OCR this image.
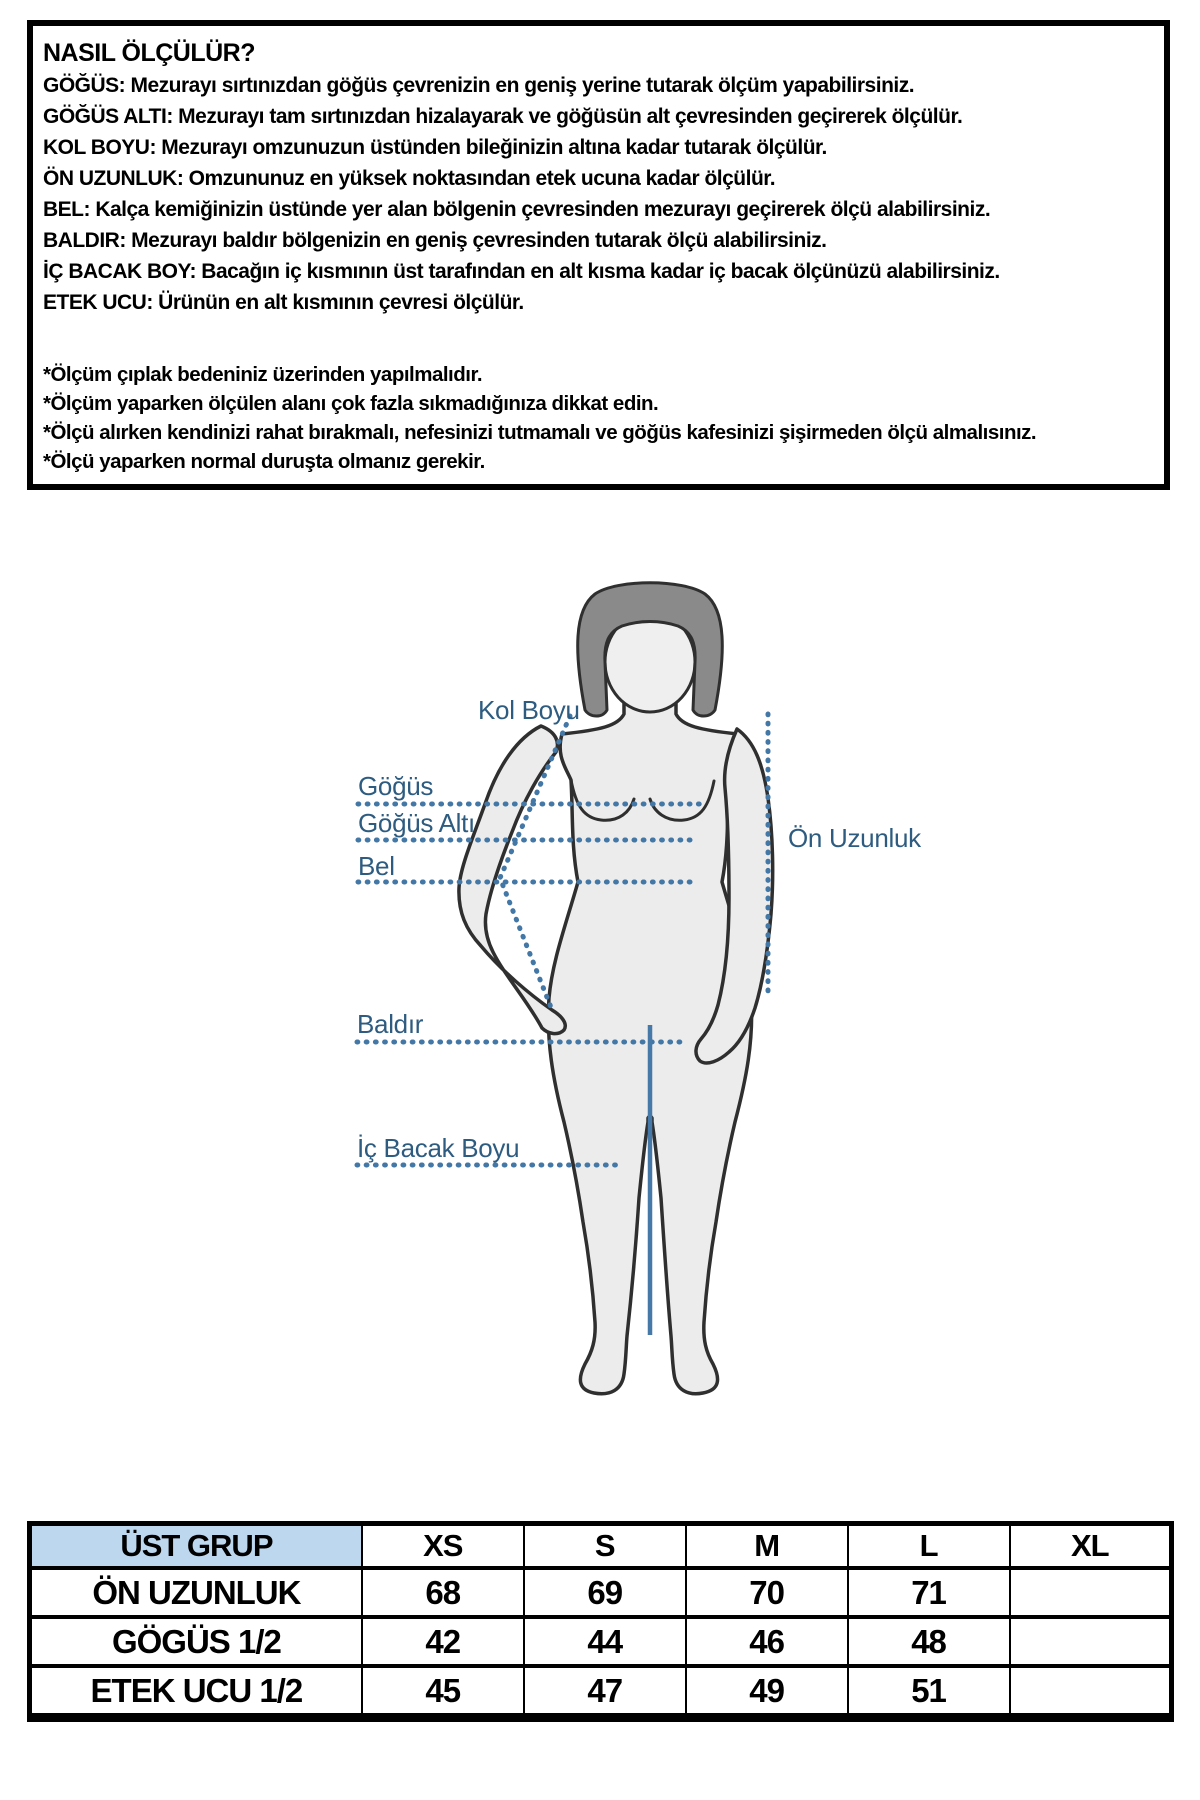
NASIL ÖLÇÜLÜR?
GÖĞÜS: Mezurayı sırtınızdan göğüs çevrenizin en geniş yerine tutarak ölçüm yapabilirsiniz.
GÖĞÜS ALTI: Mezurayı tam sırtınızdan hizalayarak ve göğüsün alt çevresinden geçirerek ölçülür.
KOL BOYU: Mezurayı omzunuzun üstünden bileğinizin altına kadar tutarak ölçülür.
ÖN UZUNLUK: Omzununuz en yüksek noktasından etek ucuna kadar ölçülür.
BEL: Kalça kemiğinizin üstünde yer alan bölgenin çevresinden mezurayı geçirerek ölçü alabilirsiniz.
BALDIR: Mezurayı baldır bölgenizin en geniş çevresinden tutarak ölçü alabilirsiniz.
İÇ BACAK BOY: Bacağın iç kısmının üst tarafından en alt kısma kadar iç bacak ölçünüzü alabilirsiniz.
ETEK UCU: Ürünün en alt kısmının çevresi ölçülür.
*Ölçüm çıplak bedeniniz üzerinden yapılmalıdır.
*Ölçüm yaparken ölçülen alanı çok fazla sıkmadığınıza dikkat edin.
*Ölçü alırken kendinizi rahat bırakmalı, nefesinizi tutmamalı ve göğüs kafesinizi şişirmeden ölçü almalısınız.
*Ölçü yaparken normal duruşta olmanız gerekir.
Kol Boyu
Göğüs
Göğüs Altı
Bel
Ön Uzunluk
Baldır
İç Bacak Boyu
ÜST GRUP	XS	S	M	L	XL
ÖN UZUNLUK	68	69	70	71	
GÖGÜS 1/2	42	44	46	48	
ETEK UCU 1/2	45	47	49	51	
